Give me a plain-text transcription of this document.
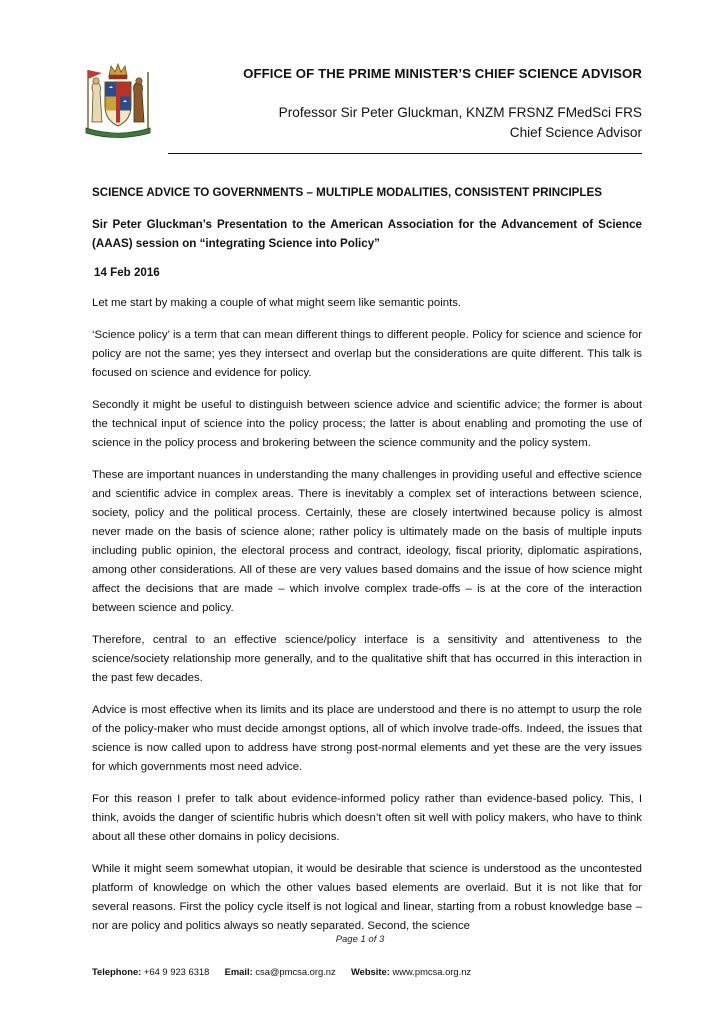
OFFICE OF THE PRIME MINISTER’S CHIEF SCIENCE ADVISOR
Professor Sir Peter Gluckman, KNZM FRSNZ FMedSci FRS
Chief Science Advisor
SCIENCE ADVICE TO GOVERNMENTS – MULTIPLE MODALITIES, CONSISTENT PRINCIPLES
Sir Peter Gluckman’s Presentation to the American Association for the Advancement of Science (AAAS) session on “integrating Science into Policy”
14 Feb 2016

Let me start by making a couple of what might seem like semantic points.

‘Science policy’ is a term that can mean different things to different people. Policy for science and science for policy are not the same; yes they intersect and overlap but the considerations are quite different. This talk is focused on science and evidence for policy.

Secondly it might be useful to distinguish between science advice and scientific advice; the former is about the technical input of science into the policy process; the latter is about enabling and promoting the use of science in the policy process and brokering between the science community and the policy system.

These are important nuances in understanding the many challenges in providing useful and effective science and scientific advice in complex areas. There is inevitably a complex set of interactions between science, society, policy and the political process. Certainly, these are closely intertwined because policy is almost never made on the basis of science alone; rather policy is ultimately made on the basis of multiple inputs including public opinion, the electoral process and contract, ideology, fiscal priority, diplomatic aspirations, among other considerations. All of these are very values based domains and the issue of how science might affect the decisions that are made – which involve complex trade-offs – is at the core of the interaction between science and policy.

Therefore, central to an effective science/policy interface is a sensitivity and attentiveness to the science/society relationship more generally, and to the qualitative shift that has occurred in this interaction in the past few decades.

Advice is most effective when its limits and its place are understood and there is no attempt to usurp the role of the policy-maker who must decide amongst options, all of which involve trade-offs. Indeed, the issues that science is now called upon to address have strong post-normal elements and yet these are the very issues for which governments most need advice.

For this reason I prefer to talk about evidence-informed policy rather than evidence-based policy. This, I think, avoids the danger of scientific hubris which doesn’t often sit well with policy makers, who have to think about all these other domains in policy decisions.

While it might seem somewhat utopian, it would be desirable that science is understood as the uncontested platform of knowledge on which the other values based elements are overlaid. But it is not like that for several reasons. First the policy cycle itself is not logical and linear, starting from a robust knowledge base – nor are policy and politics always so neatly separated. Second, the science

Page 1 of 3
Telephone: +64 9 923 6318 Email: csa@pmcsa.org.nz Website: www.pmcsa.org.nz
